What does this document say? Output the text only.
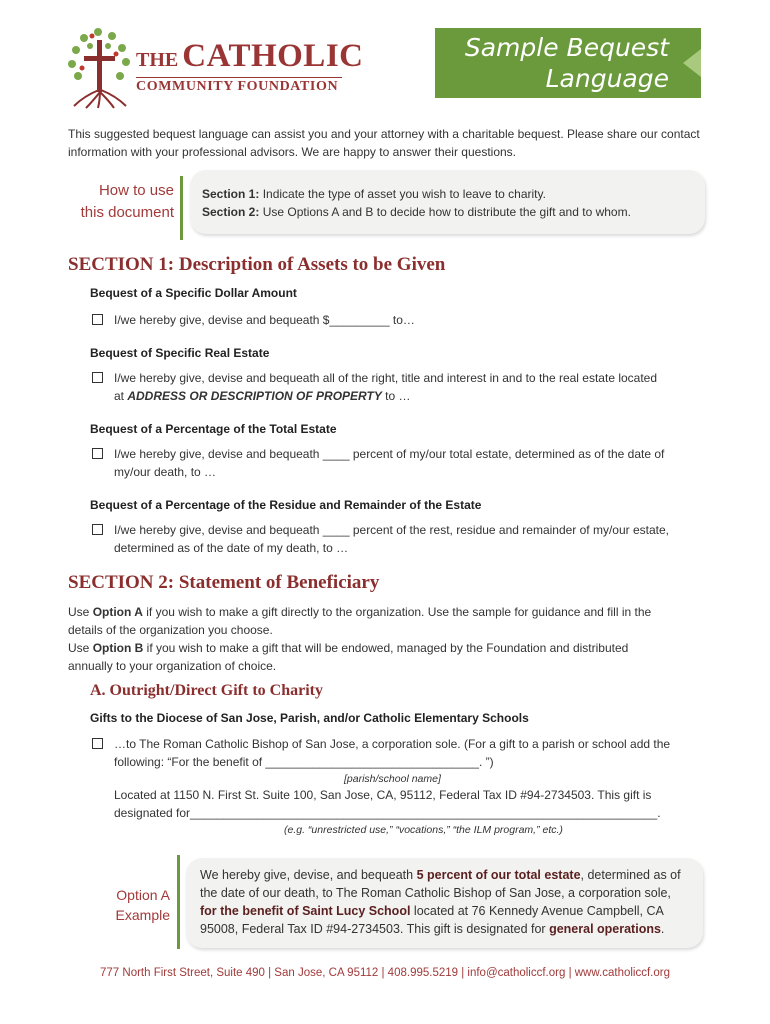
THE CATHOLIC
COMMUNITY FOUNDATION
Sample Bequest
Language
This suggested bequest language can assist you and your attorney with a charitable bequest. Please share our contact information with your professional advisors. We are happy to answer their questions.
How to use
this document
Section 1: Indicate the type of asset you wish to leave to charity.
Section 2: Use Options A and B to decide how to distribute the gift and to whom.
SECTION 1: Description of Assets to be Given
Bequest of a Specific Dollar Amount
I/we hereby give, devise and bequeath $_________ to…
Bequest of Specific Real Estate
I/we hereby give, devise and bequeath all of the right, title and interest in and to the real estate located
at ADDRESS OR DESCRIPTION OF PROPERTY to …
Bequest of a Percentage of the Total Estate
I/we hereby give, devise and bequeath ____ percent of my/our total estate, determined as of the date of
my/our death, to …
Bequest of a Percentage of the Residue and Remainder of the Estate
I/we hereby give, devise and bequeath ____ percent of the rest, residue and remainder of my/our estate,
determined as of the date of my death, to …
SECTION 2: Statement of Beneficiary
Use Option A if you wish to make a gift directly to the organization. Use the sample for guidance and fill in the
details of the organization you choose.
Use Option B if you wish to make a gift that will be endowed, managed by the Foundation and distributed
annually to your organization of choice.
A. Outright/Direct Gift to Charity
Gifts to the Diocese of San Jose, Parish, and/or Catholic Elementary Schools
…to The Roman Catholic Bishop of San Jose, a corporation sole. (For a gift to a parish or school add the
following: “For the benefit of ________________________________. ”)
[parish/school name]
Located at 1150 N. First St. Suite 100, San Jose, CA, 95112, Federal Tax ID #94-2734503. This gift is
designated for______________________________________________________________________.
(e.g. “unrestricted use,” “vocations,” “the ILM program,” etc.)
Option A
Example
We hereby give, devise, and bequeath 5 percent of our total estate, determined as of the date of our death, to The Roman Catholic Bishop of San Jose, a corporation sole, for the benefit of Saint Lucy School located at 76 Kennedy Avenue Campbell, CA 95008, Federal Tax ID #94-2734503. This gift is designated for general operations.
777 North First Street, Suite 490 | San Jose, CA 95112 | 408.995.5219 | info@catholiccf.org | www.catholiccf.org
